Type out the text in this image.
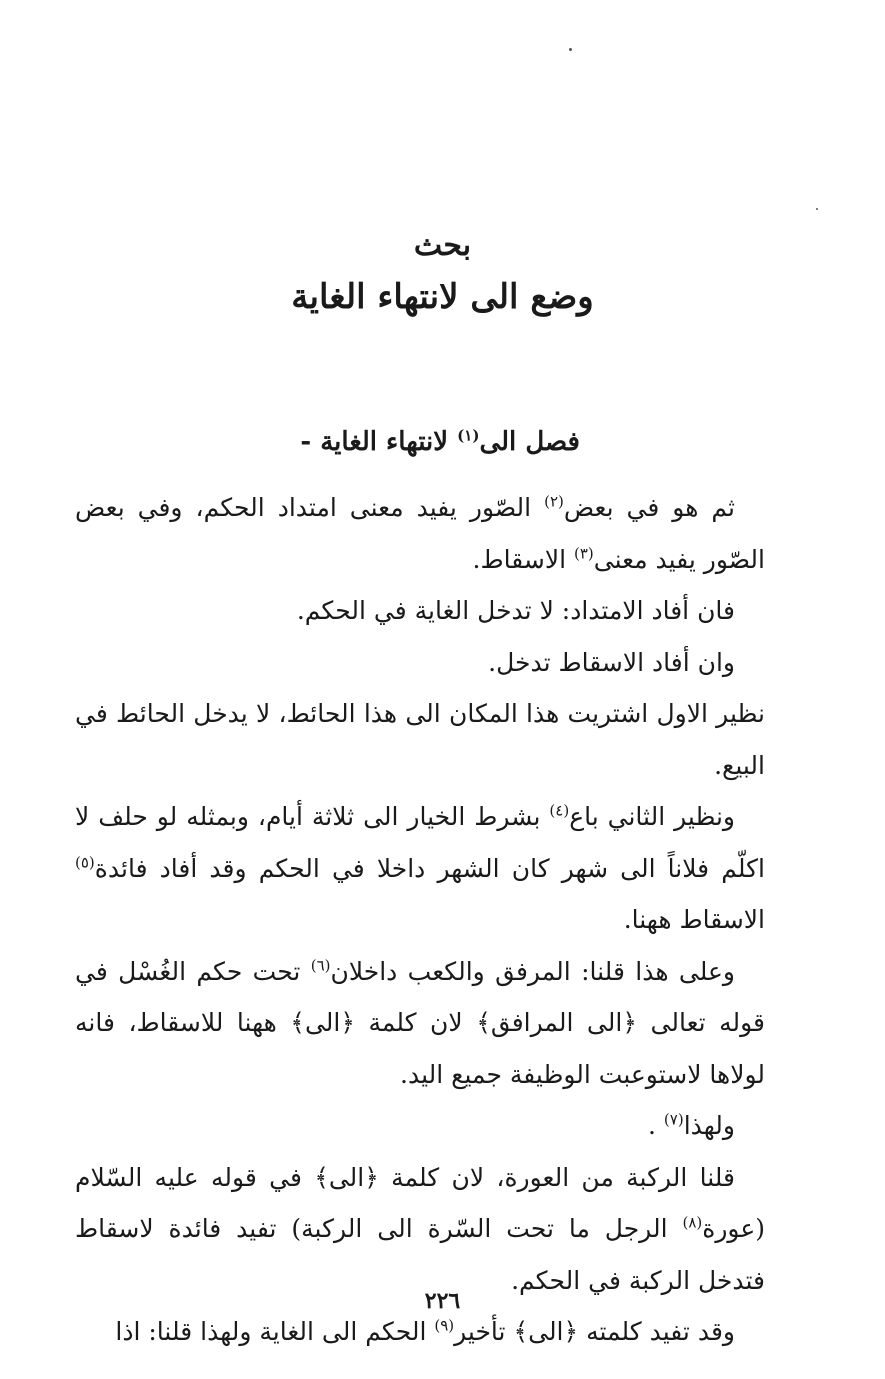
بحث
وضع الى لانتهاء الغاية
فصل الى$^{(١)}$ لانتهاء الغاية -

ثم هو في بعض$^{(٢)}$ الصّور يفيد معنى امتداد الحكم، وفي بعض الصّور يفيد معنى$^{(٣)}$ الاسقاط.

فان أفاد الامتداد: لا تدخل الغاية في الحكم.

وان أفاد الاسقاط تدخل.

نظير الاول اشتريت هذا المكان الى هذا الحائط، لا يدخل الحائط في البيع.

ونظير الثاني باع$^{(٤)}$ بشرط الخيار الى ثلاثة أيام، وبمثله لو حلف لا اكلّم فلاناً الى شهر كان الشهر داخلا في الحكم وقد أفاد فائدة$^{(٥)}$ الاسقاط ههنا.

وعلى هذا قلنا: المرفق والكعب داخلان$^{(٦)}$ تحت حكم الغُسْل في قوله تعالى ﴿الى المرافق﴾ لان كلمة ﴿الى﴾ ههنا للاسقاط، فانه لولاها لاستوعبت الوظيفة جميع اليد.

ولهذا$^{(٧)}$ .

قلنا الركبة من العورة، لان كلمة ﴿الى﴾ في قوله عليه السّلام (عورة$^{(٨)}$ الرجل ما تحت السّرة الى الركبة) تفيد فائدة لاسقاط فتدخل الركبة في الحكم.

وقد تفيد كلمته ﴿الى﴾ تأخير$^{(٩)}$ الحكم الى الغاية ولهذا قلنا: اذا

٢٢٦
